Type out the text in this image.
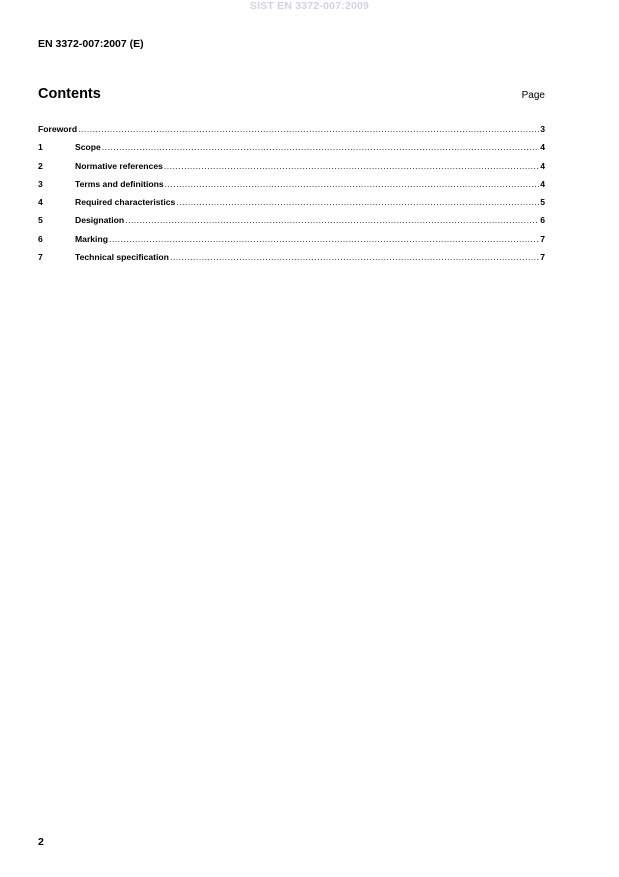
SIST EN 3372-007:2009
EN 3372-007:2007 (E)
Contents	Page
Foreword .....	3
1	Scope .....	4
2	Normative references .....	4
3	Terms and definitions .....	4
4	Required characteristics .....	5
5	Designation .....	6
6	Marking .....	7
7	Technical specification .....	7
2
